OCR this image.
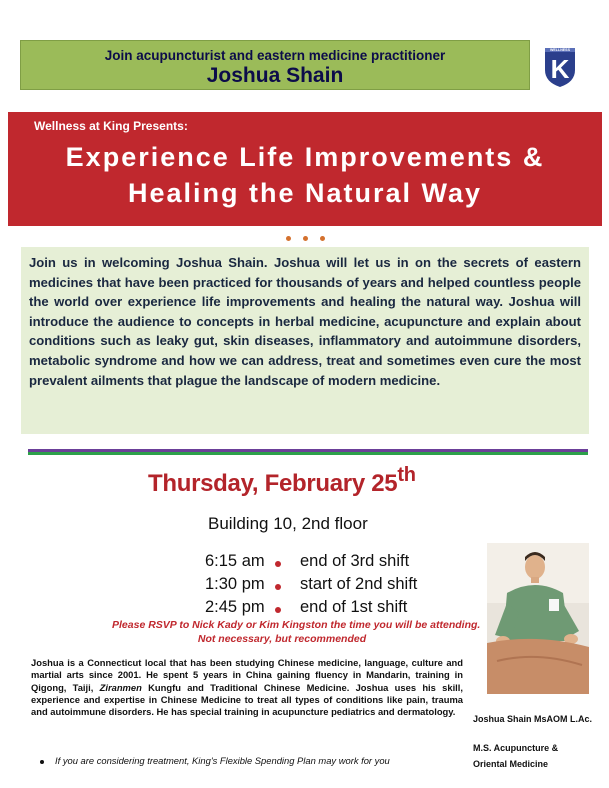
Join acupuncturist and eastern medicine practitioner
Joshua Shain
WELLNESS
K
Wellness at King Presents:
Experience Life Improvements &
Healing the Natural Way

Join us in welcoming Joshua Shain. Joshua will let us in on the secrets of eastern medicines that have been practiced for thousands of years and helped countless people the world over experience life improvements and healing the natural way. Joshua will introduce the audience to concepts in herbal medicine, acupuncture and explain about conditions such as leaky gut, skin diseases, inflammatory and autoimmune disorders, metabolic syndrome and how we can address, treat and sometimes even cure the most prevalent ailments that plague the landscape of modern medicine.

Thursday, February 25th
Building 10, 2nd floor
6:15 am end of 3rd shift
1:30 pm start of 2nd shift
2:45 pm end of 1st shift
Please RSVP to Nick Kady or Kim Kingston the time you will be attending.
Not necessary, but recommended
Joshua is a Connecticut local that has been studying Chinese medicine, language, culture and martial arts since 2001. He spent 5 years in China gaining fluency in Mandarin, training in Qigong, Taiji, Ziranmen Kungfu and Traditional Chinese Medicine. Joshua uses his skill, experience and expertise in Chinese Medicine to treat all types of conditions like pain, trauma and autoimmune disorders. He has special training in acupuncture pediatrics and dermatology.
Joshua Shain MsAOM L.Ac.
M.S. Acupuncture & Oriental Medicine
If you are considering treatment, King's Flexible Spending Plan may work for you
